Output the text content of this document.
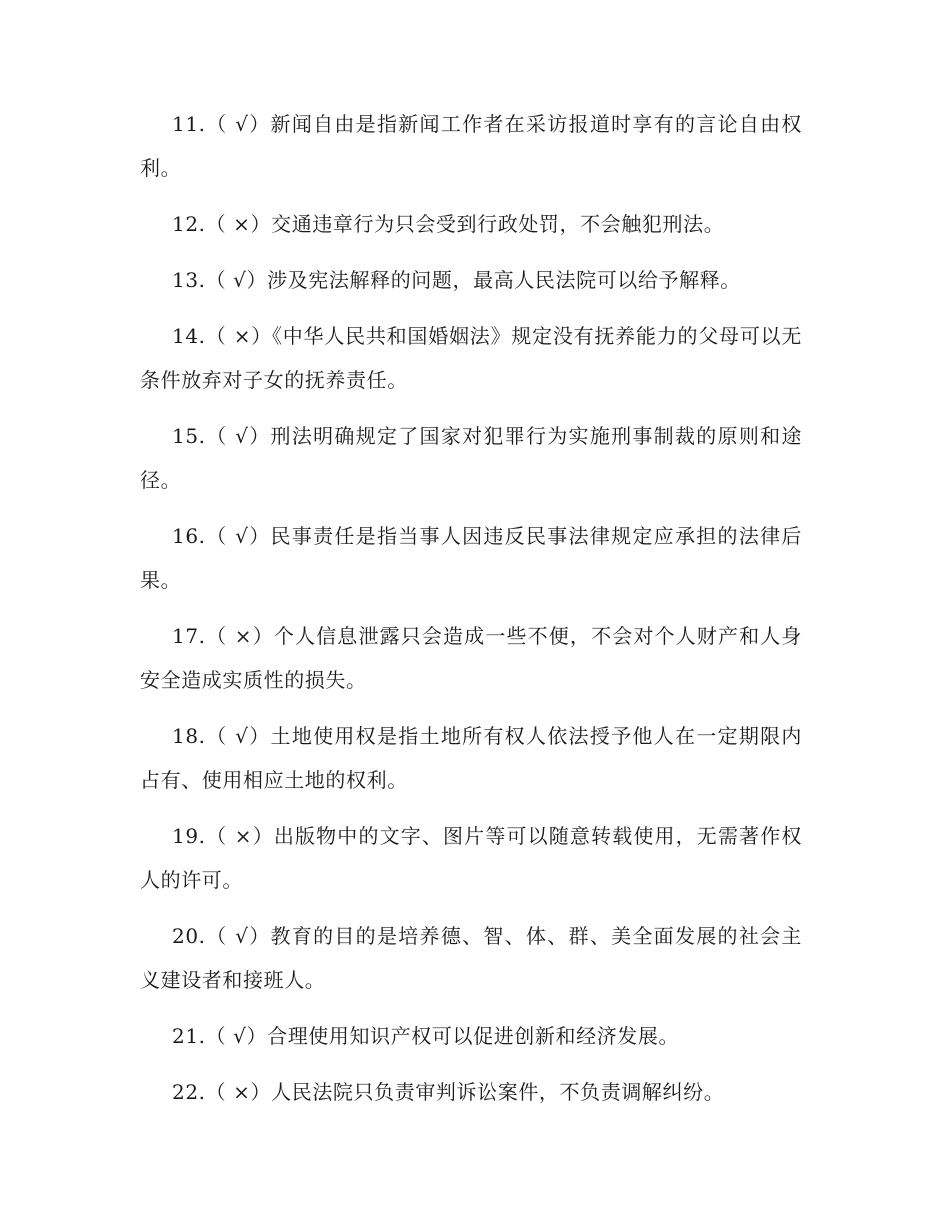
11.（ √）新闻自由是指新闻工作者在采访报道时享有的言论自由权利。

12.（ ×）交通违章行为只会受到行政处罚，不会触犯刑法。

13.（ √）涉及宪法解释的问题，最高人民法院可以给予解释。

14.（ ×）《中华人民共和国婚姻法》规定没有抚养能力的父母可以无条件放弃对子女的抚养责任。

15.（ √）刑法明确规定了国家对犯罪行为实施刑事制裁的原则和途径。

16.（ √）民事责任是指当事人因违反民事法律规定应承担的法律后果。

17.（ ×）个人信息泄露只会造成一些不便，不会对个人财产和人身安全造成实质性的损失。

18.（ √）土地使用权是指土地所有权人依法授予他人在一定期限内占有、使用相应土地的权利。

19.（ ×）出版物中的文字、图片等可以随意转载使用，无需著作权人的许可。

20.（ √）教育的目的是培养德、智、体、群、美全面发展的社会主义建设者和接班人。

21.（ √）合理使用知识产权可以促进创新和经济发展。

22.（ ×）人民法院只负责审判诉讼案件，不负责调解纠纷。
